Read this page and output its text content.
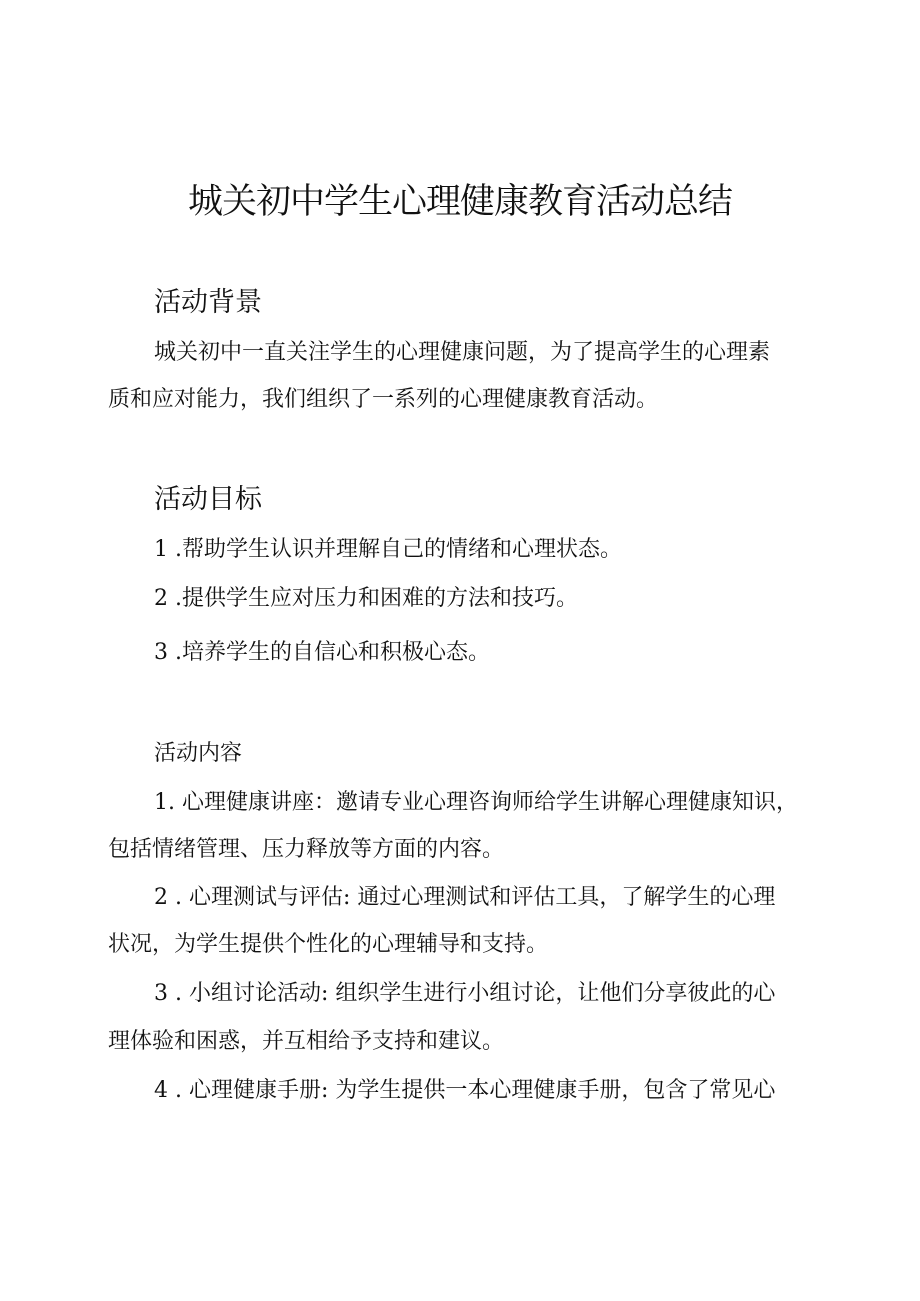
城关初中学生心理健康教育活动总结
活动背景

城关初中一直关注学生的心理健康问题，为了提高学生的心理素

质和应对能力，我们组织了一系列的心理健康教育活动。

活动目标

1 .帮助学生认识并理解自己的情绪和心理状态。

2 .提供学生应对压力和困难的方法和技巧。

3 .培养学生的自信心和积极心态。

活动内容

1. 心理健康讲座：邀请专业心理咨询师给学生讲解心理健康知识，

包括情绪管理、压力释放等方面的内容。

2 . 心理测试与评估: 通过心理测试和评估工具，了解学生的心理

状况，为学生提供个性化的心理辅导和支持。

3 . 小组讨论活动: 组织学生进行小组讨论，让他们分享彼此的心

理体验和困惑，并互相给予支持和建议。

4 . 心理健康手册: 为学生提供一本心理健康手册，包含了常见心
